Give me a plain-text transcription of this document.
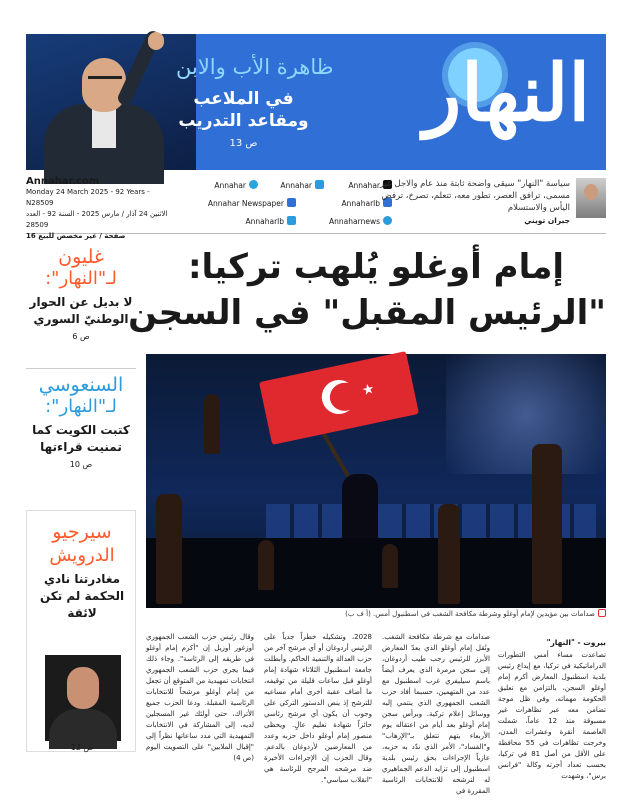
ظاهرة الأب والابن
في الملاعب ومقاعد التدريب
ص 13
النهار
Annahar.com
Monday 24 March 2025 - 92 Years - N28509
الاثنين 24 آذار / مارس 2025 - السنة 92 - العدد 28509
16 صفحة / غير مخصص للبيع
Annahar
Annahar
Annahar
Annaharlb
Annahar Newspaper
Annaharnews
Annaharlb
سياسة "النهار" سيقى واضحة ثابتة منذ عام والاجل غير مسمى، ترافق العصر، تطور معه، تتعلم، تصرخ، ترفض اليأس والاستسلام
جبران تويني
غليون
لـ"النهار":
لا بديل عن الحوار الوطنيّ السوري
ص 6
السنعوسي
لـ"النهار":
كتبت الكويت كما تمنيت قراءتها
ص 10
سيرجيو
الدرويش
مغادرتنا نادي الحكمة لم تكن لائقة
ص 12
إمام أوغلو يُلهب تركيا:
"الرئيس المقبل" في السجن
★
صدامات بين مؤيدين لإمام أوغلو وشرطة مكافحة الشغب في اسطنبول أمس. (أ ف ب)
بيروت - "النهار"
تصاعدت مساء أمس التطورات الدراماتيكية في تركيا، مع إيداع رئيس بلدية اسطنبول المعارض أكرم إمام أوغلو السجن، بالتزامن مع تعليق الحكومة مهماته، وفي ظل موجة تضامن معه عبر تظاهرات غير مسبوقة منذ 12 عاماً، شملت العاصمة أنقرة وعشرات المدن، وخرجت تظاهرات في 55 محافظة على الأقل من أصل 81 في تركيا، بحسب تعداد أجرته وكالة "فرانس برس"، وشهدت
صدامات مع شرطة مكافحة الشغب. ونُقل إمام أوغلو الذي يعدّ المعارض الأبرز للرئيس رجب طيب أردوغان، إلى سجن مرمرة الذي يعرف أيضاً باسم سيليفري غرب اسطنبول مع عدد من المتهمين، حسبما أفاد حزب الشعب الجمهوري الذي ينتمي إليه ووسائل إعلام تركية. وبرأس سجن إمام أوغلو بعد أيام من اعتقاله يوم الأربعاء بتهم تتعلق بـ"الإرهاب" و"الفساد"، الأمر الذي ندّد به حزبه، عازياً الإجراءات بحق رئيس بلدية اسطنبول إلى تزايد الدعم الجماهيري له لترشحه للانتخابات الرئاسية المقررة في
2028، وتشكيله خطراً جدياً على الرئيس أردوغان أو أي مرشح آخر من حزب العدالة والتنمية الحاكم. وأبطلت جامعة اسطنبول الثلاثاء شهادة إمام أوغلو قبل ساعات قليلة من توقيفه، ما أضاف عقبة أخرى أمام مساعيه للترشح إذ ينص الدستور التركي على وجوب أن يكون أي مرشح رئاسي حائزاً شهادة تعليم عالٍ. ويحظى منصور إمام أوغلو داخل حزبه وعدد من المعارضين لأردوغان بالدعم. وقال الحزب إن الإجراءات الأخيرة ضد مرشحه المرجح للرئاسة هي "انقلاب سياسي".
وقال رئيس حزب الشعب الجمهوري أوزغور أوزيل إن "أكرم إمام أوغلو في طريقه إلى الرئاسة". وجاء ذلك فيما يجري حزب الشعب الجمهوري انتخابات تمهيدية من المتوقع أن تجعل من إمام أوغلو مرشحاً للانتخابات الرئاسية المقبلة. ودعا الحزب جميع الأتراك، حتى أولئك غير المسجلين لديه، إلى المشاركة في الانتخابات التمهيدية التي مدد ساعاتها نظراً إلى "إقبال الملايين" على التصويت اليوم (ص 4)
